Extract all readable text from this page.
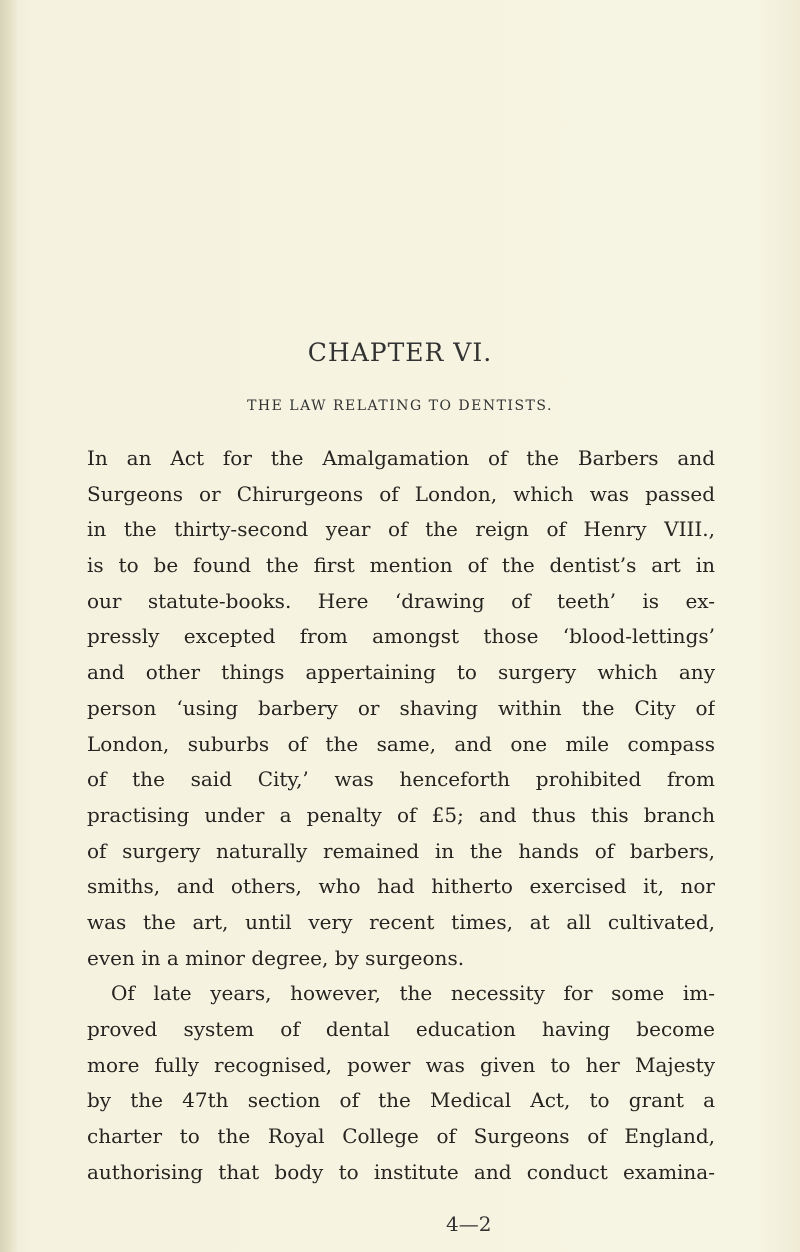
CHAPTER VI.
THE LAW RELATING TO DENTISTS.
In an Act for the Amalgamation of the Barbers and
Surgeons or Chirurgeons of London, which was passed
in the thirty-second year of the reign of Henry VIII.,
is to be found the first mention of the dentist’s art in
our statute-books. Here ‘drawing of teeth’ is ex-
pressly excepted from amongst those ‘blood-lettings’
and other things appertaining to surgery which any
person ‘using barbery or shaving within the City of
London, suburbs of the same, and one mile compass
of the said City,’ was henceforth prohibited from
practising under a penalty of £5; and thus this branch
of surgery naturally remained in the hands of barbers,
smiths, and others, who had hitherto exercised it, nor
was the art, until very recent times, at all cultivated,
even in a minor degree, by surgeons.
Of late years, however, the necessity for some im-
proved system of dental education having become
more fully recognised, power was given to her Majesty
by the 47th section of the Medical Act, to grant a
charter to the Royal College of Surgeons of England,
authorising that body to institute and conduct examina-
4—2
